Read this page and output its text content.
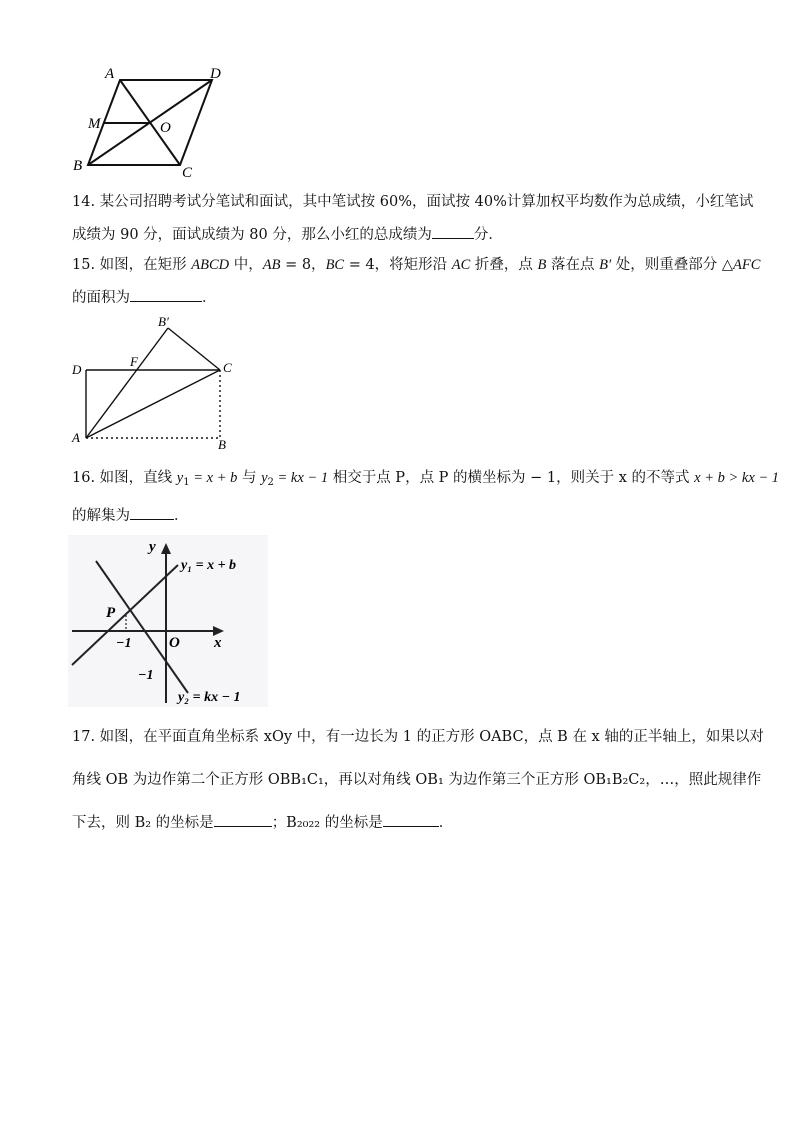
A	D
M	O
B	C
14. 某公司招聘考试分笔试和面试，其中笔试按 60%，面试按 40%计算加权平均数作为总成绩，小红笔试
成绩为 90 分，面试成绩为 80 分，那么小红的总成绩为	分．
15. 如图，在矩形 ABCD 中，AB = 8，BC = 4，将矩形沿 AC 折叠，点 B 落在点 B′ 处，则重叠部分 △AFC
的面积为	．
B′
D
F	C
A	B
16. 如图，直线 $y_1 = x + b$ 与 $y_2$ = kx − 1 相交于点 P，点 P 的横坐标为 − 1，则关于 x 的不等式 x + b > kx − 1
的解集为	．
y
y₁ = x + b
P
x
−1	O
−1
y₂ = kx − 1
17. 如图，在平面直角坐标系 xOy 中，有一边长为 1 的正方形 OABC，点 B 在 x 轴的正半轴上，如果以对
角线 OB 为边作第二个正方形 OBB₁C₁，再以对角线 OB₁ 为边作第三个正方形 OB₁B₂C₂，…，照此规律作
下去，则 B₂ 的坐标是	；B₂₀₂₂ 的坐标是	．
